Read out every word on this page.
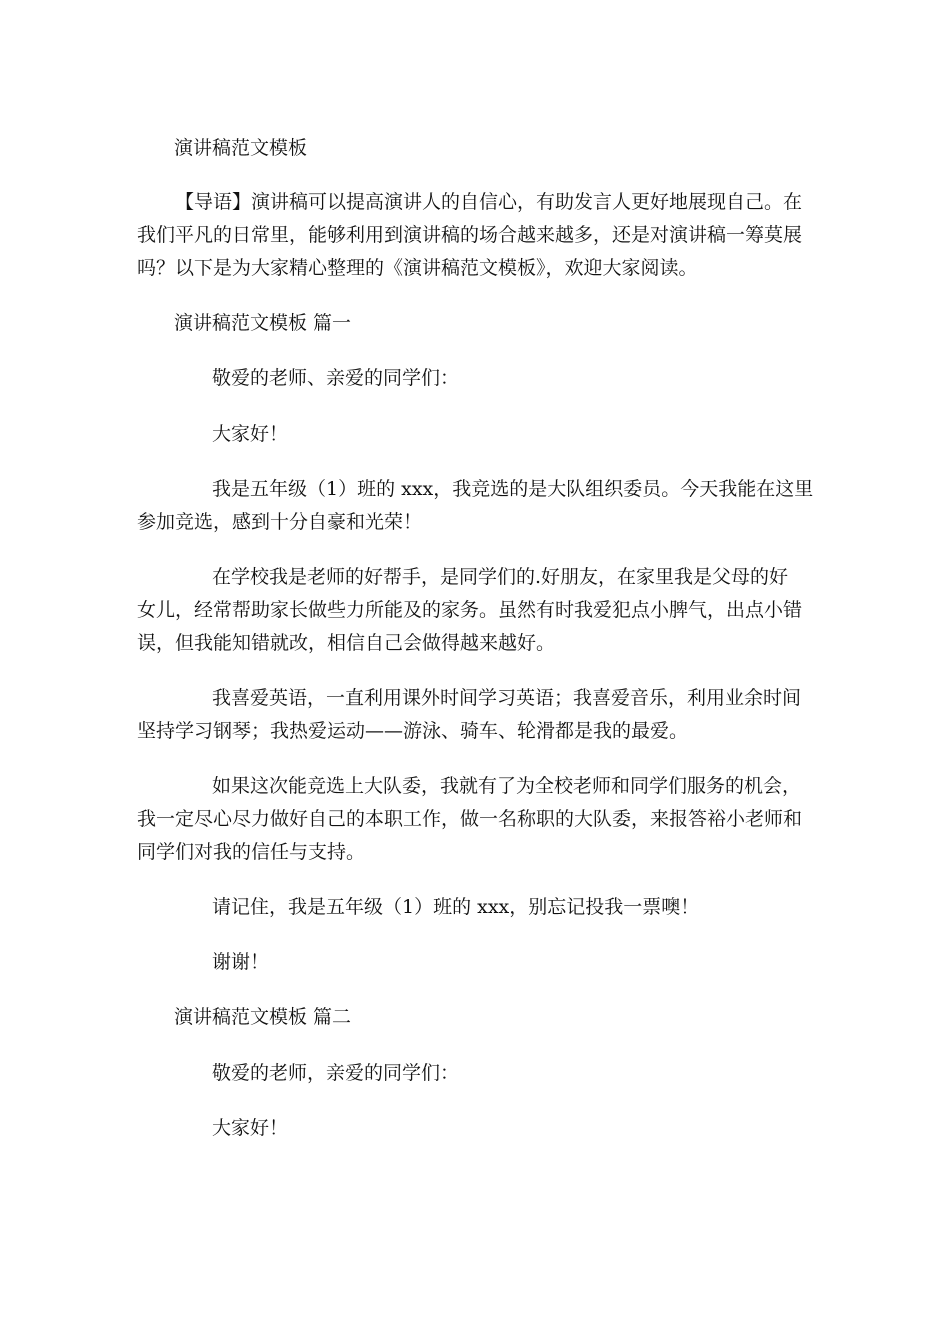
演讲稿范文模板

【导语】演讲稿可以提高演讲人的自信心，有助发言人更好地展现自己。在
我们平凡的日常里，能够利用到演讲稿的场合越来越多，还是对演讲稿一筹莫展
吗？以下是为大家精心整理的《演讲稿范文模板》，欢迎大家阅读。

演讲稿范文模板 篇一

敬爱的老师、亲爱的同学们：

大家好！

我是五年级（1）班的 xxx，我竞选的是大队组织委员。今天我能在这里
参加竞选，感到十分自豪和光荣！
在学校我是老师的好帮手，是同学们的.好朋友，在家里我是父母的好
女儿，经常帮助家长做些力所能及的家务。虽然有时我爱犯点小脾气，出点小错
误，但我能知错就改，相信自己会做得越来越好。
我喜爱英语，一直利用课外时间学习英语；我喜爱音乐，利用业余时间
坚持学习钢琴；我热爱运动——游泳、骑车、轮滑都是我的最爱。
如果这次能竞选上大队委，我就有了为全校老师和同学们服务的机会，
我一定尽心尽力做好自己的本职工作，做一名称职的大队委，来报答裕小老师和
同学们对我的信任与支持。

请记住，我是五年级（1）班的 xxx，别忘记投我一票噢！

谢谢！

演讲稿范文模板 篇二

敬爱的老师，亲爱的同学们：

大家好！
